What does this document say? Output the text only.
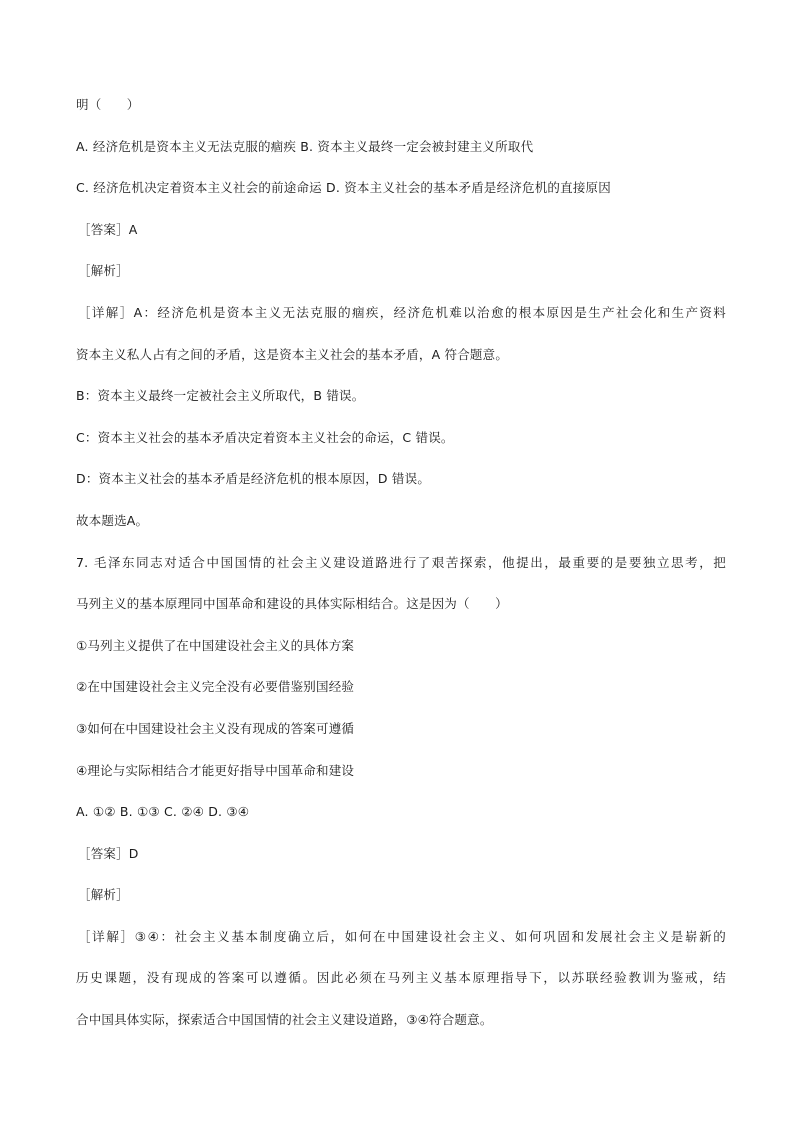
明（　　）
A. 经济危机是资本主义无法克服的痼疾 B. 资本主义最终一定会被封建主义所取代
C. 经济危机决定着资本主义社会的前途命运 D. 资本主义社会的基本矛盾是经济危机的直接原因
［答案］A
［解析］
［详解］A：经济危机是资本主义无法克服的痼疾，经济危机难以治愈的根本原因是生产社会化和生产资料
资本主义私人占有之间的矛盾，这是资本主义社会的基本矛盾，A 符合题意。
B：资本主义最终一定被社会主义所取代，B 错误。
C：资本主义社会的基本矛盾决定着资本主义社会的命运，C 错误。
D：资本主义社会的基本矛盾是经济危机的根本原因，D 错误。
故本题选A。
7. 毛泽东同志对适合中国国情的社会主义建设道路进行了艰苦探索，他提出，最重要的是要独立思考，把
马列主义的基本原理同中国革命和建设的具体实际相结合。这是因为（　　）
①马列主义提供了在中国建设社会主义的具体方案
②在中国建设社会主义完全没有必要借鉴别国经验
③如何在中国建设社会主义没有现成的答案可遵循
④理论与实际相结合才能更好指导中国革命和建设
A. ①② B. ①③ C. ②④ D. ③④
［答案］D
［解析］
［详解］③④：社会主义基本制度确立后，如何在中国建设社会主义、如何巩固和发展社会主义是崭新的
历史课题，没有现成的答案可以遵循。因此必须在马列主义基本原理指导下，以苏联经验教训为鉴戒，结
合中国具体实际，探索适合中国国情的社会主义建设道路，③④符合题意。
